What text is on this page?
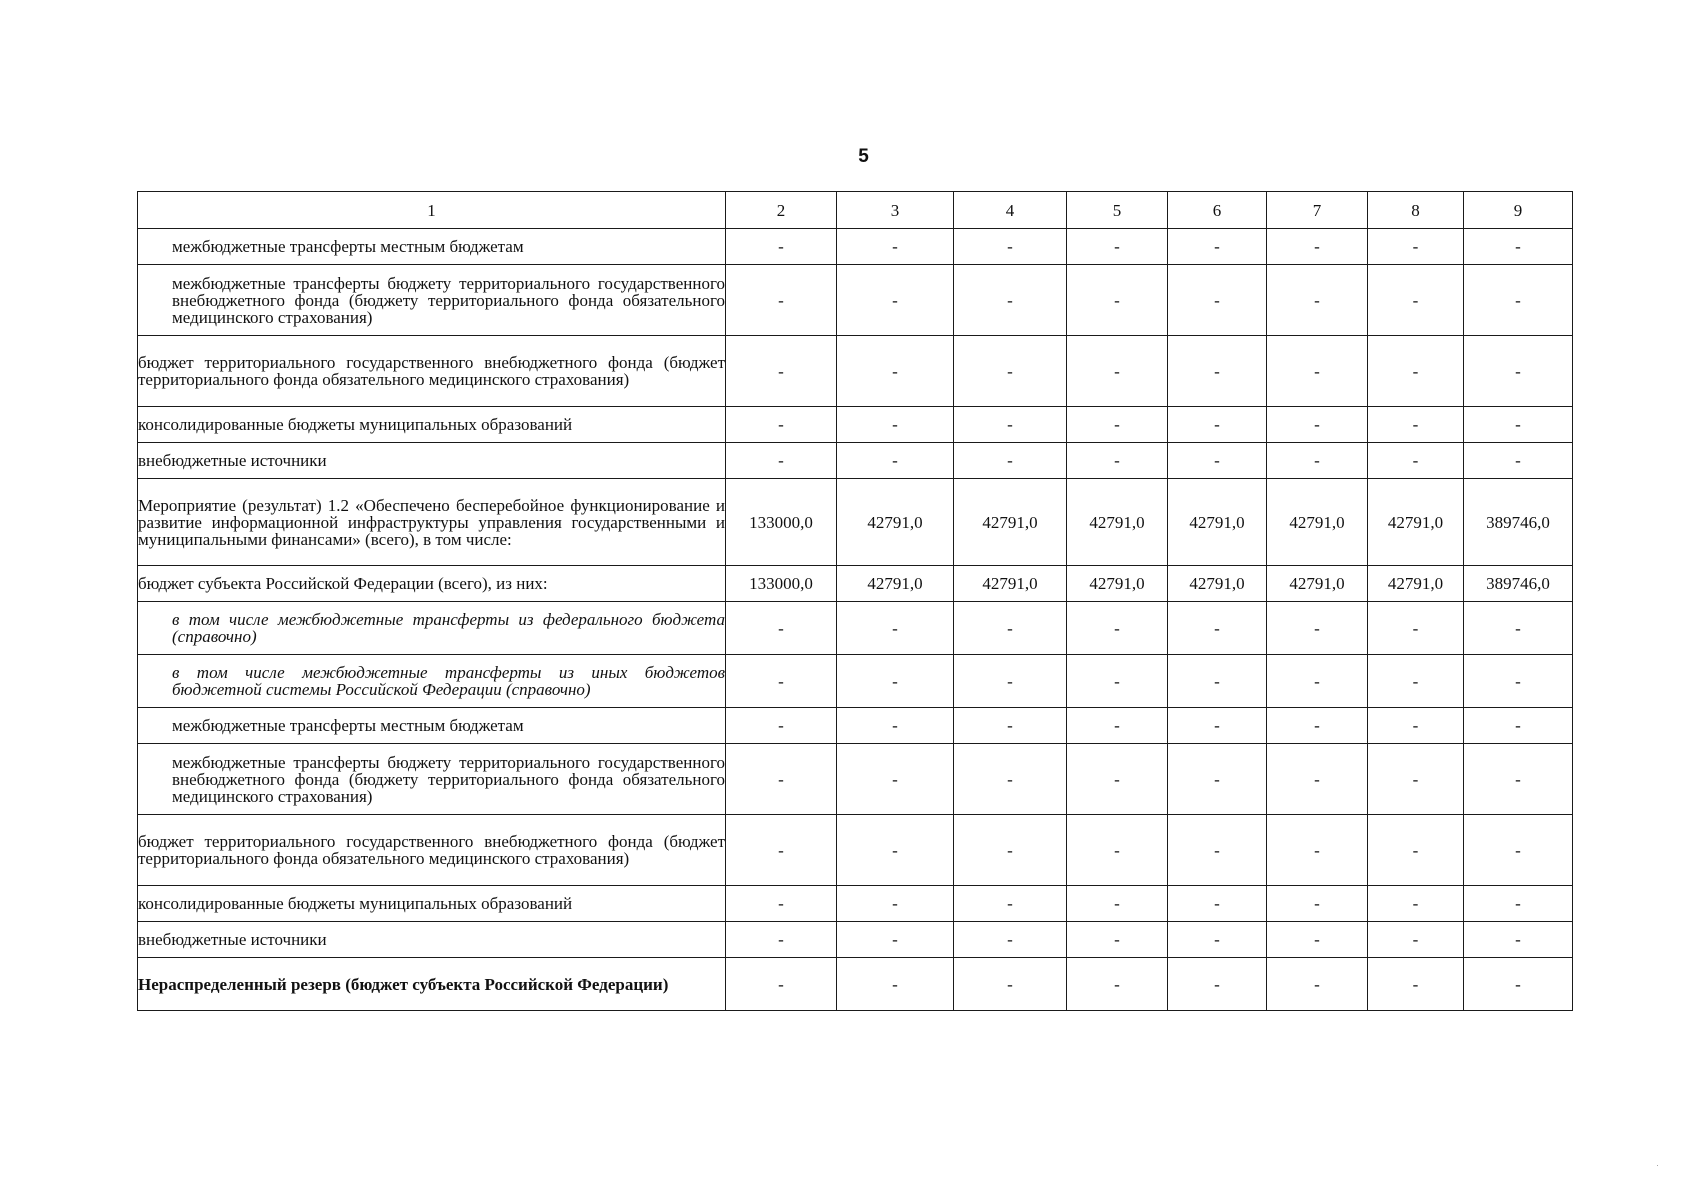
5
1	2	3	4	5	6	7	8	9
межбюджетные трансферты местным бюджетам	-	-	-	-	-	-	-	-
межбюджетные трансферты бюджету территориального государственного внебюджетного фонда (бюджету территориального фонда обязательного медицинского страхования)	-	-	-	-	-	-	-	-
бюджет территориального государственного внебюджетного фонда (бюджет территориального фонда обязательного медицинского страхования)	-	-	-	-	-	-	-	-
консолидированные бюджеты муниципальных образований	-	-	-	-	-	-	-	-
внебюджетные источники	-	-	-	-	-	-	-	-
Мероприятие (результат) 1.2 «Обеспечено бесперебойное функционирование и развитие информационной инфраструктуры управления государственными и муниципальными финансами» (всего), в том числе:	133000,0	42791,0	42791,0	42791,0	42791,0	42791,0	42791,0	389746,0
бюджет субъекта Российской Федерации (всего), из них:	133000,0	42791,0	42791,0	42791,0	42791,0	42791,0	42791,0	389746,0
в том числе межбюджетные трансферты из федерального бюджета (справочно)	-	-	-	-	-	-	-	-
в том числе межбюджетные трансферты из иных бюджетов бюджетной системы Российской Федерации (справочно)	-	-	-	-	-	-	-	-
межбюджетные трансферты местным бюджетам	-	-	-	-	-	-	-	-
межбюджетные трансферты бюджету территориального государственного внебюджетного фонда (бюджету территориального фонда обязательного медицинского страхования)	-	-	-	-	-	-	-	-
бюджет территориального государственного внебюджетного фонда (бюджет территориального фонда обязательного медицинского страхования)	-	-	-	-	-	-	-	-
консолидированные бюджеты муниципальных образований	-	-	-	-	-	-	-	-
внебюджетные источники	-	-	-	-	-	-	-	-
Нераспределенный резерв (бюджет субъекта Российской Федерации)	-	-	-	-	-	-	-	-
·
